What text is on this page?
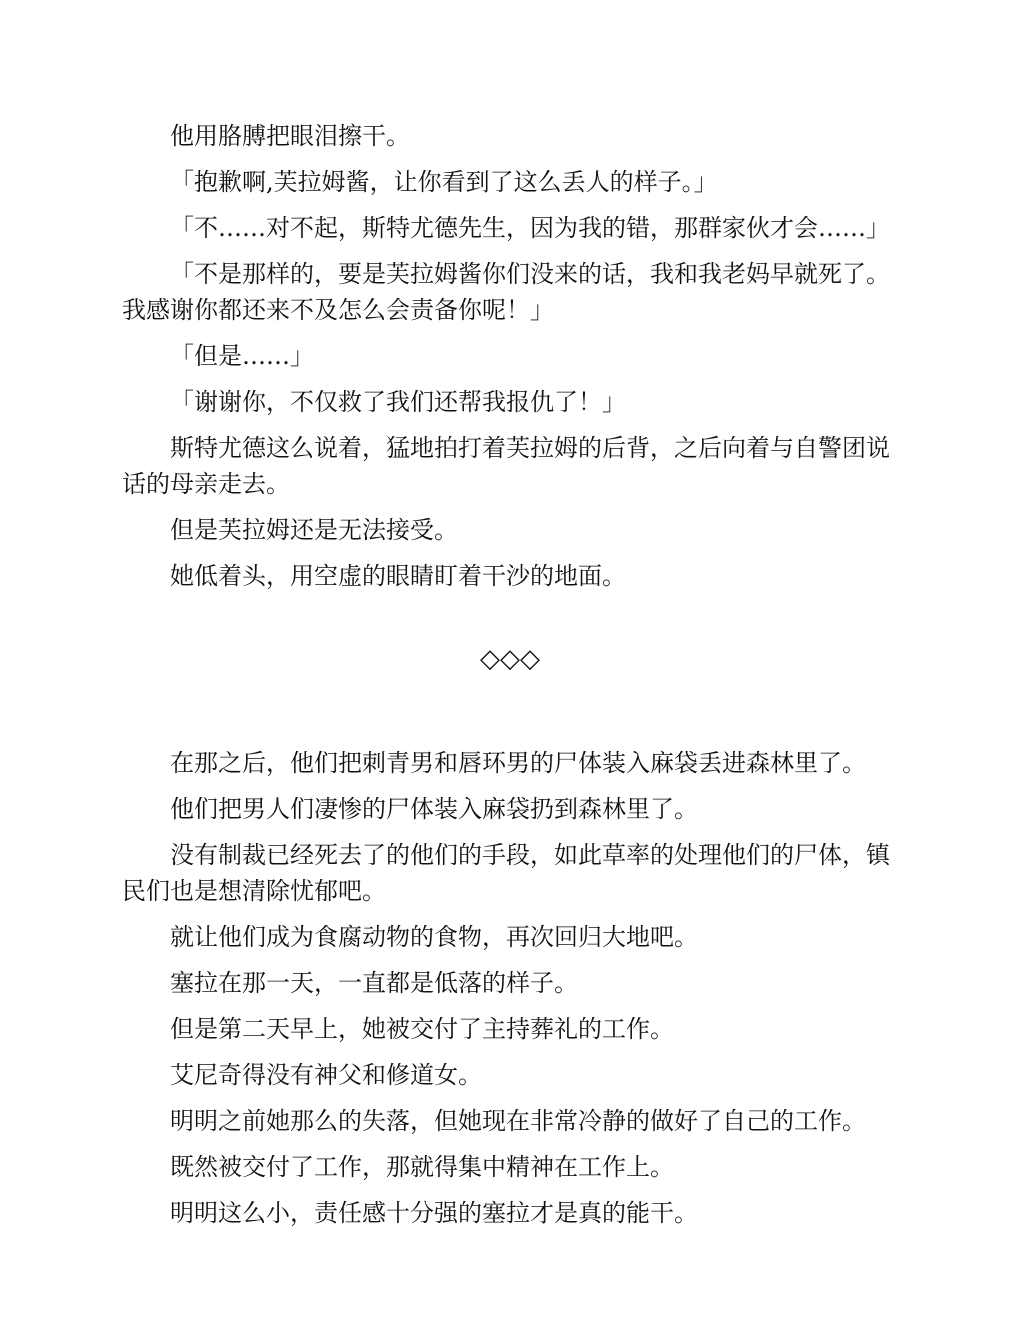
他用胳膊把眼泪擦干。

「抱歉啊,芙拉姆酱，让你看到了这么丢人的样子。」

「不……对不起，斯特尤德先生，因为我的错，那群家伙才会……」

「不是那样的，要是芙拉姆酱你们没来的话，我和我老妈早就死了。我感谢你都还来不及怎么会责备你呢！」

「但是……」

「谢谢你，不仅救了我们还帮我报仇了！」

斯特尤德这么说着，猛地拍打着芙拉姆的后背，之后向着与自警团说话的母亲走去。

但是芙拉姆还是无法接受。

她低着头，用空虚的眼睛盯着干沙的地面。

◇◇◇

在那之后，他们把刺青男和唇环男的尸体装入麻袋丢进森林里了。

他们把男人们凄惨的尸体装入麻袋扔到森林里了。

没有制裁已经死去了的他们的手段，如此草率的处理他们的尸体，镇民们也是想清除忧郁吧。

就让他们成为食腐动物的食物，再次回归大地吧。

塞拉在那一天，一直都是低落的样子。

但是第二天早上，她被交付了主持葬礼的工作。

艾尼奇得没有神父和修道女。

明明之前她那么的失落，但她现在非常冷静的做好了自己的工作。

既然被交付了工作，那就得集中精神在工作上。

明明这么小，责任感十分强的塞拉才是真的能干。
